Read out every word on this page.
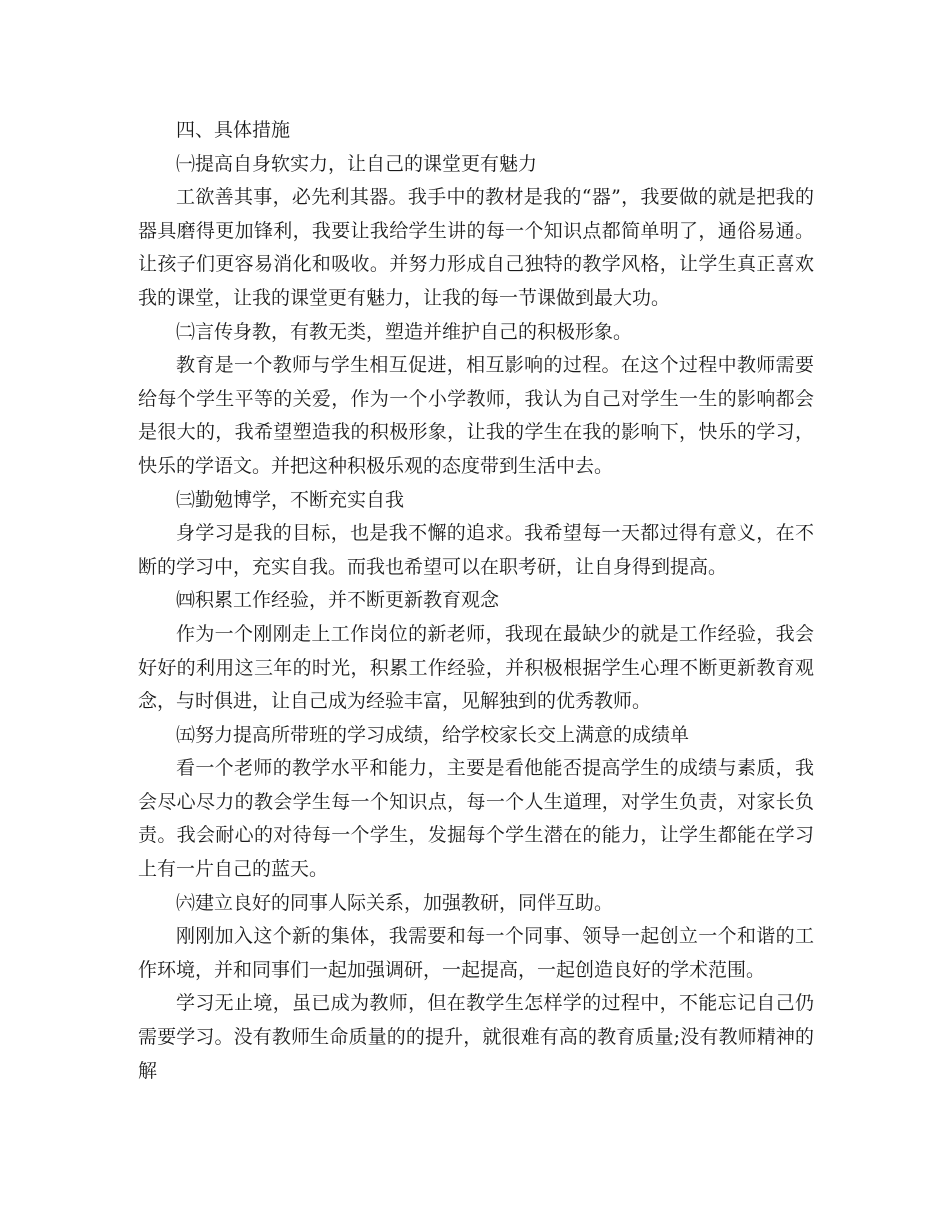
四、具体措施

㈠提高自身软实力，让自己的课堂更有魅力

工欲善其事，必先利其器。我手中的教材是我的“器”，我要做的就是把我的器具磨得更加锋利，我要让我给学生讲的每一个知识点都简单明了，通俗易通。让孩子们更容易消化和吸收。并努力形成自己独特的教学风格，让学生真正喜欢我的课堂，让我的课堂更有魅力，让我的每一节课做到最大功。

㈡言传身教，有教无类，塑造并维护自己的积极形象。

教育是一个教师与学生相互促进，相互影响的过程。在这个过程中教师需要给每个学生平等的关爱，作为一个小学教师，我认为自己对学生一生的影响都会是很大的，我希望塑造我的积极形象，让我的学生在我的影响下，快乐的学习，快乐的学语文。并把这种积极乐观的态度带到生活中去。

㈢勤勉博学，不断充实自我

身学习是我的目标，也是我不懈的追求。我希望每一天都过得有意义，在不断的学习中，充实自我。而我也希望可以在职考研，让自身得到提高。

㈣积累工作经验，并不断更新教育观念

作为一个刚刚走上工作岗位的新老师，我现在最缺少的就是工作经验，我会好好的利用这三年的时光，积累工作经验，并积极根据学生心理不断更新教育观念，与时俱进，让自己成为经验丰富，见解独到的优秀教师。

㈤努力提高所带班的学习成绩，给学校家长交上满意的成绩单

看一个老师的教学水平和能力，主要是看他能否提高学生的成绩与素质，我会尽心尽力的教会学生每一个知识点，每一个人生道理，对学生负责，对家长负责。我会耐心的对待每一个学生，发掘每个学生潜在的能力，让学生都能在学习上有一片自己的蓝天。

㈥建立良好的同事人际关系，加强教研，同伴互助。

刚刚加入这个新的集体，我需要和每一个同事、领导一起创立一个和谐的工作环境，并和同事们一起加强调研，一起提高，一起创造良好的学术范围。

学习无止境，虽已成为教师，但在教学生怎样学的过程中，不能忘记自己仍需要学习。没有教师生命质量的的提升，就很难有高的教育质量;没有教师精神的解
